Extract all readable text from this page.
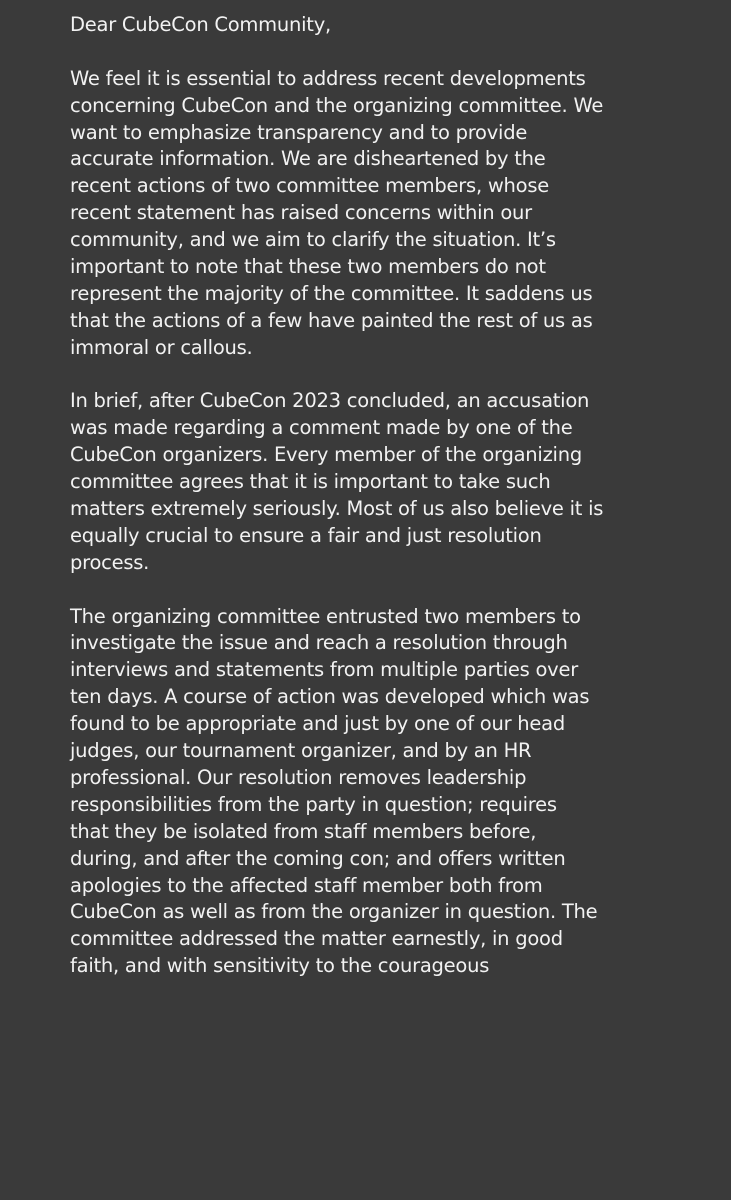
Dear CubeCon Community,
We feel it is essential to address recent developments
concerning CubeCon and the organizing committee. We
want to emphasize transparency and to provide
accurate information. We are disheartened by the
recent actions of two committee members, whose
recent statement has raised concerns within our
community, and we aim to clarify the situation. It’s
important to note that these two members do not
represent the majority of the committee. It saddens us
that the actions of a few have painted the rest of us as
immoral or callous.
In brief, after CubeCon 2023 concluded, an accusation
was made regarding a comment made by one of the
CubeCon organizers. Every member of the organizing
committee agrees that it is important to take such
matters extremely seriously. Most of us also believe it is
equally crucial to ensure a fair and just resolution
process.
The organizing committee entrusted two members to
investigate the issue and reach a resolution through
interviews and statements from multiple parties over
ten days. A course of action was developed which was
found to be appropriate and just by one of our head
judges, our tournament organizer, and by an HR
professional. Our resolution removes leadership
responsibilities from the party in question; requires
that they be isolated from staff members before,
during, and after the coming con; and offers written
apologies to the affected staff member both from
CubeCon as well as from the organizer in question. The
committee addressed the matter earnestly, in good
faith, and with sensitivity to the courageous
